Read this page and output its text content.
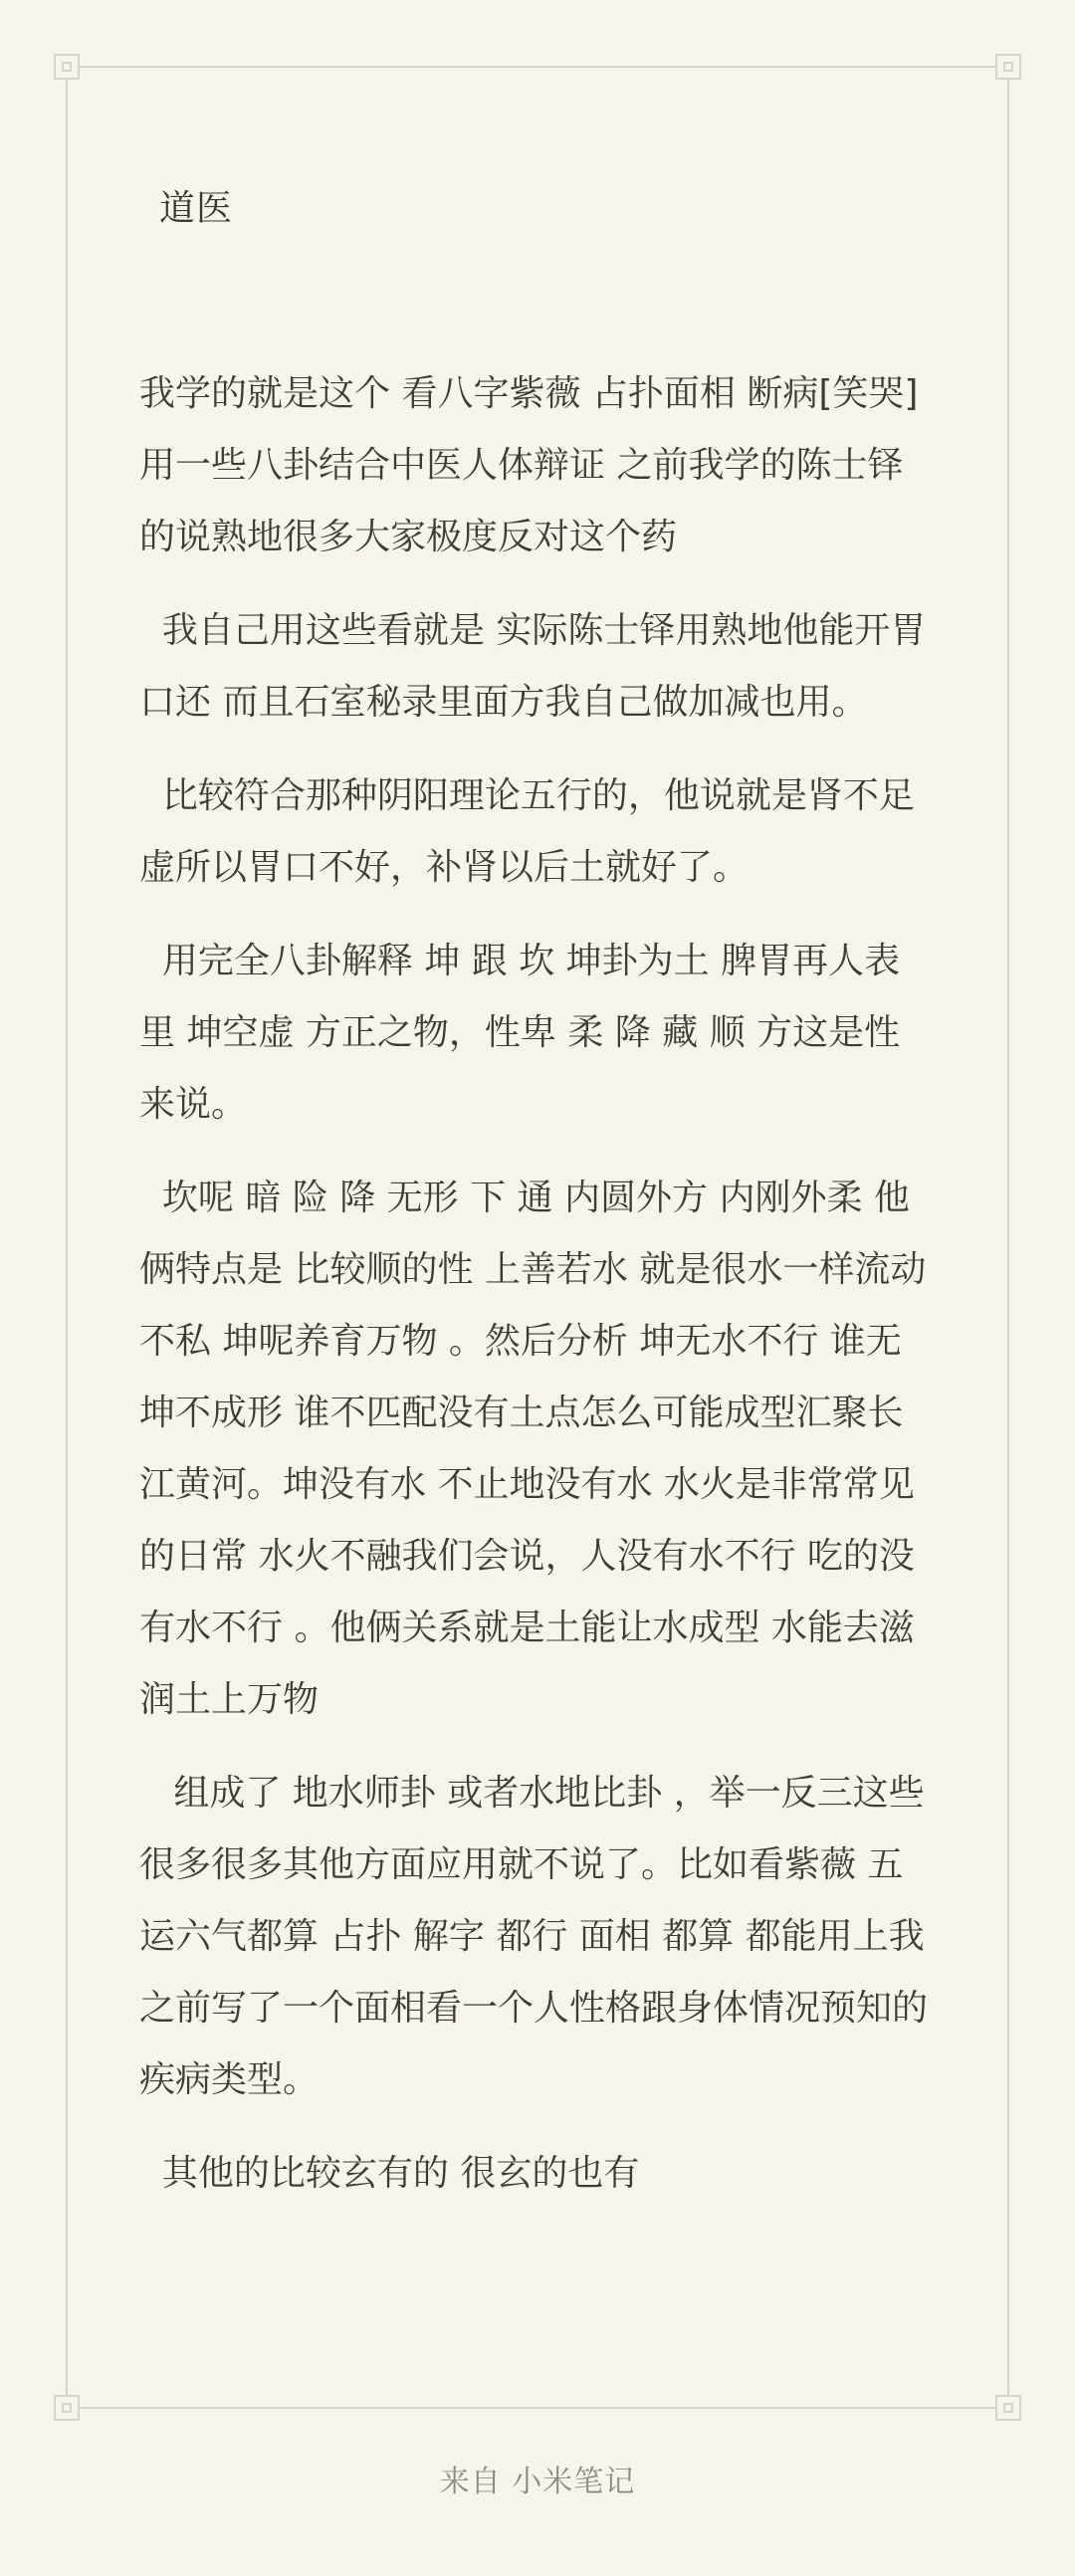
道医

我学的就是这个 看八字紫薇 占扑面相 断病[笑哭]用一些八卦结合中医人体辩证 之前我学的陈士铎的说熟地很多大家极度反对这个药

我自己用这些看就是 实际陈士铎用熟地他能开胃口还 而且石室秘录里面方我自己做加减也用。

比较符合那种阴阳理论五行的，他说就是肾不足虚所以胃口不好，补肾以后土就好了。

用完全八卦解释 坤 跟 坎 坤卦为土 脾胃再人表里 坤空虚 方正之物，性卑 柔 降 藏 顺 方这是性来说。

坎呢 暗 险 降 无形 下 通 内圆外方 内刚外柔 他俩特点是 比较顺的性 上善若水 就是很水一样流动不私 坤呢养育万物 。然后分析 坤无水不行 谁无坤不成形 谁不匹配没有土点怎么可能成型汇聚长江黄河。坤没有水 不止地没有水 水火是非常常见的日常 水火不融我们会说，人没有水不行 吃的没有水不行 。他俩关系就是土能让水成型 水能去滋润土上万物

组成了 地水师卦 或者水地比卦 ，举一反三这些 很多很多其他方面应用就不说了。比如看紫薇 五运六气都算 占扑 解字 都行 面相 都算 都能用上我之前写了一个面相看一个人性格跟身体情况预知的疾病类型。

其他的比较玄有的 很玄的也有

来自 小米笔记
